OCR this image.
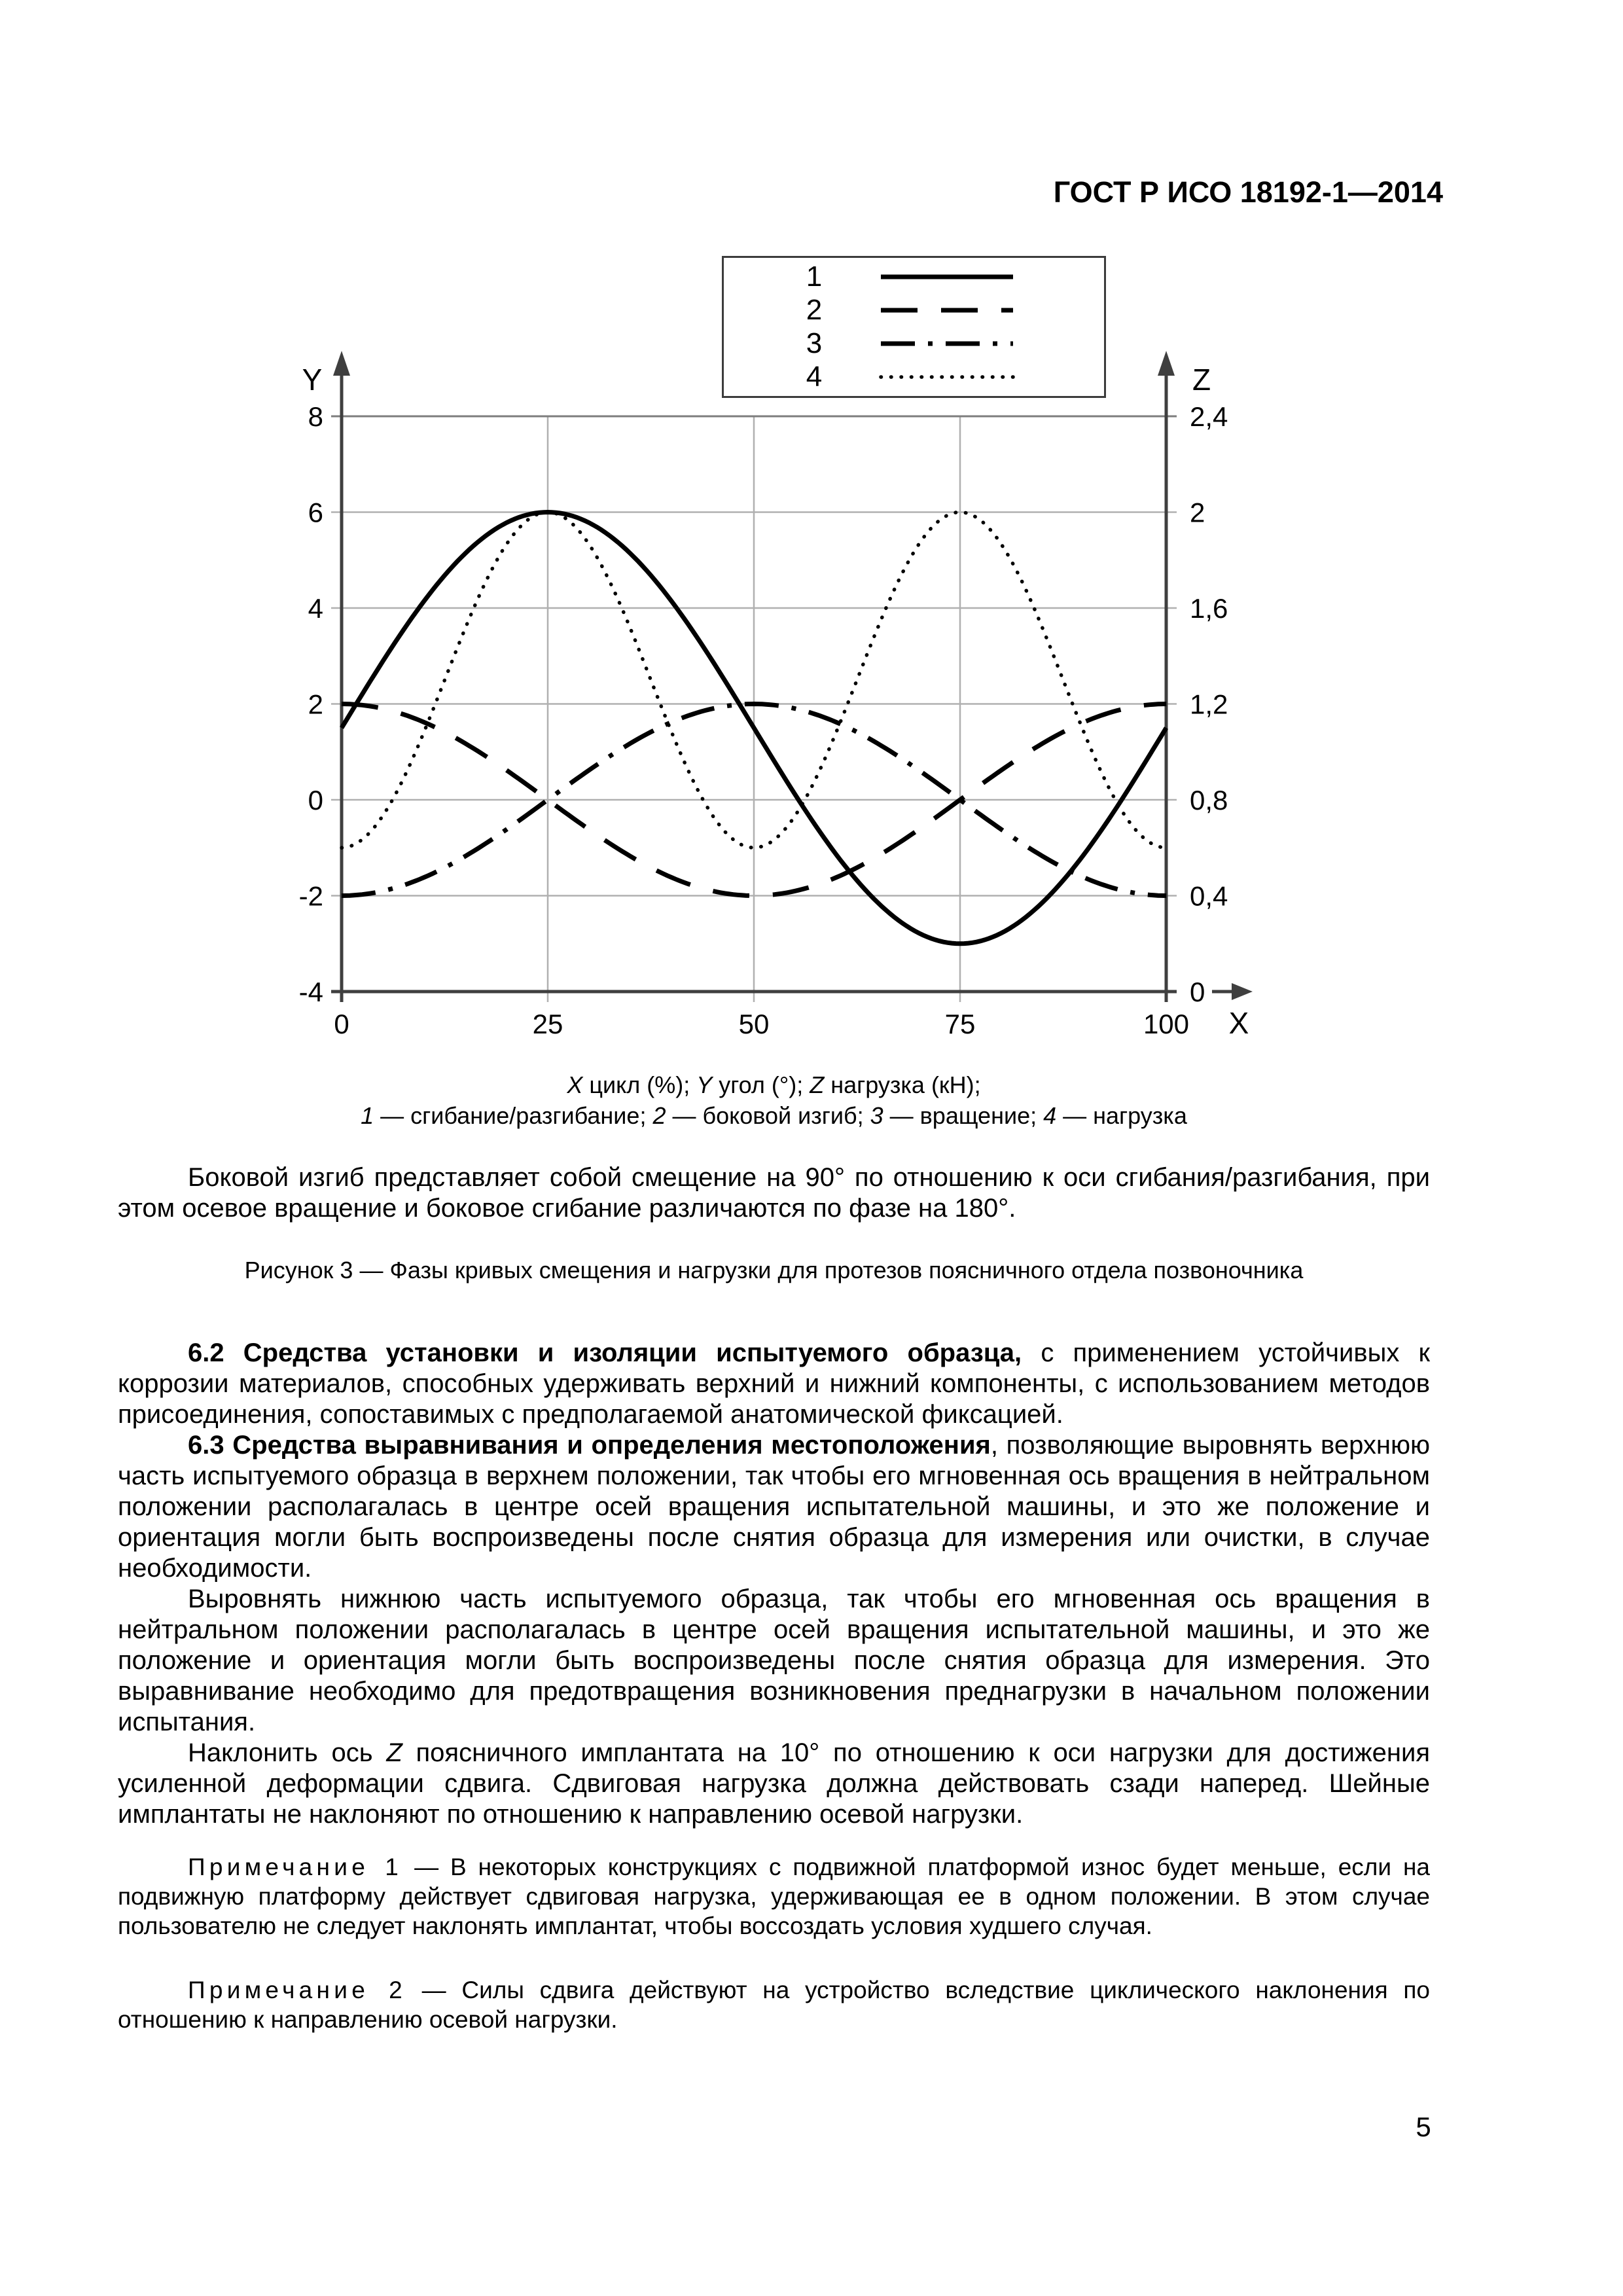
ГОСТ Р ИСО 18192-1—2014
8
6
4
2
0
-2
-4
2,4
2
1,6
1,2
0,8
0,4
0
0	25	50	75	100
Y	Z
X
1
2
3
4
X цикл (%); Y угол (°); Z нагрузка (кН);
1 — сгибание/разгибание; 2 — боковой изгиб; 3 — вращение; 4 — нагрузка

Боковой изгиб представляет собой смещение на 90° по отношению к оси сгибания/разгибания, при этом осевое вращение и боковое сгибание различаются по фазе на 180°.

Рисунок 3 — Фазы кривых смещения и нагрузки для протезов поясничного отдела позвоночника

6.2 Средства установки и изоляции испытуемого образца, с применением устойчивых к коррозии материалов, способных удерживать верхний и нижний компоненты, с использованием методов присоединения, сопоставимых с предполагаемой анатомической фиксацией.

6.3 Средства выравнивания и определения местоположения, позволяющие выровнять верхнюю часть испытуемого образца в верхнем положении, так чтобы его мгновенная ось вращения в нейтральном положении располагалась в центре осей вращения испытательной машины, и это же положение и ориентация могли быть воспроизведены после снятия образца для измерения или очистки, в случае необходимости.

Выровнять нижнюю часть испытуемого образца, так чтобы его мгновенная ось вращения в нейтральном положении располагалась в центре осей вращения испытательной машины, и это же положение и ориентация могли быть воспроизведены после снятия образца для измерения. Это выравнивание необходимо для предотвращения возникновения преднагрузки в начальном положении испытания.

Наклонить ось Z поясничного имплантата на 10° по отношению к оси нагрузки для достижения усиленной деформации сдвига. Сдвиговая нагрузка должна действовать сзади наперед. Шейные имплантаты не наклоняют по отношению к направлению осевой нагрузки.

Примечание 1 — В некоторых конструкциях с подвижной платформой износ будет меньше, если на подвижную платформу действует сдвиговая нагрузка, удерживающая ее в одном положении. В этом случае пользователю не следует наклонять имплантат, чтобы воссоздать условия худшего случая.

Примечание 2 — Силы сдвига действуют на устройство вследствие циклического наклонения по отношению к направлению осевой нагрузки.

5
